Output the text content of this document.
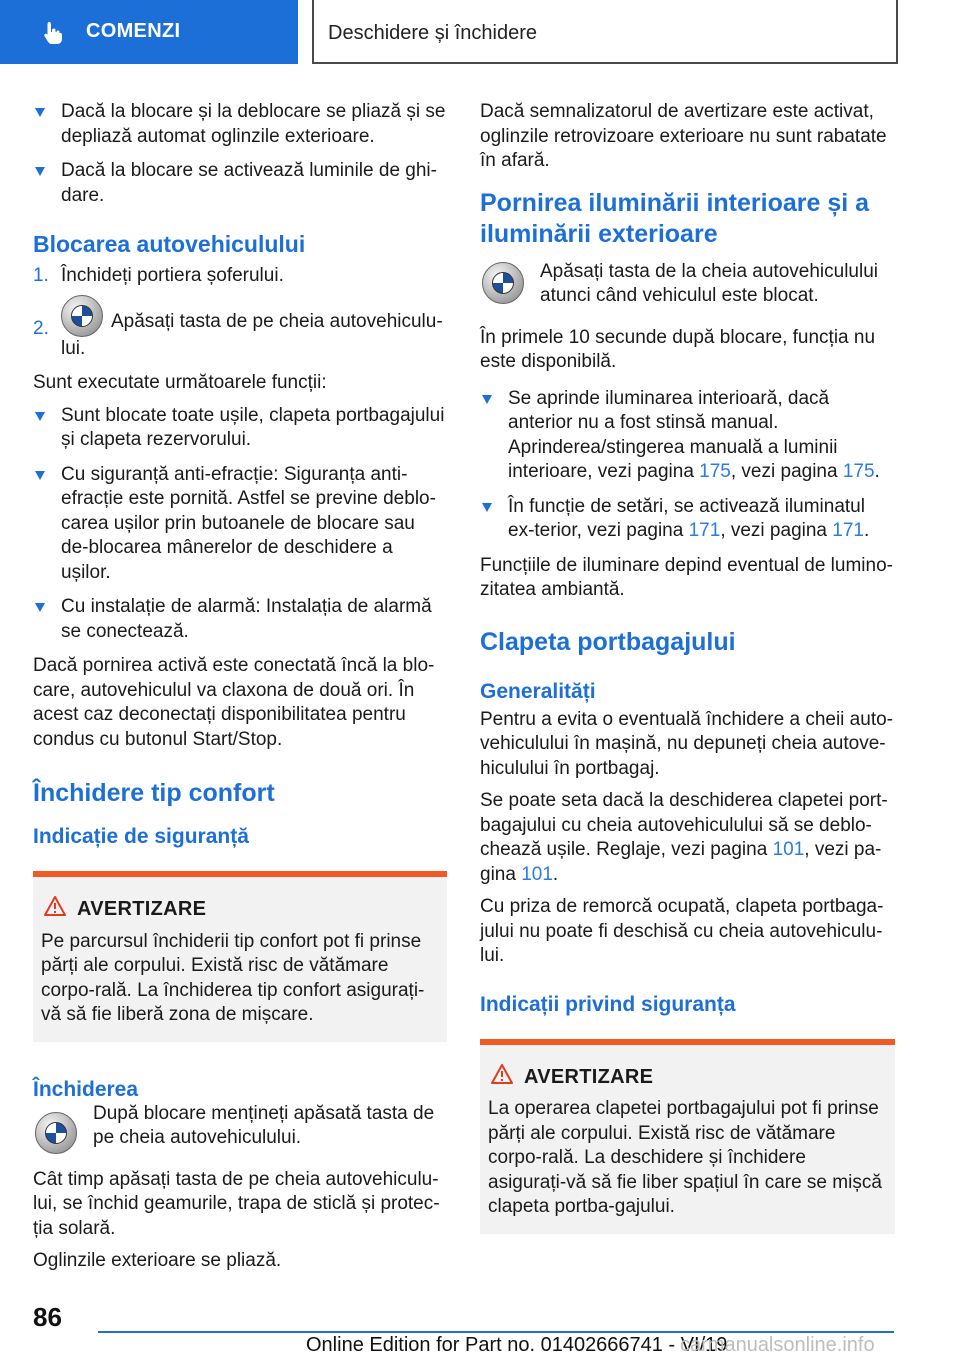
COMENZI	Deschidere și închidere
Dacă la blocare și la deblocare se pliază și se depliază automat oglinzile exterioare.
Dacă la blocare se activează luminile de ghi-dare.
Blocarea autovehiculului
1. Închideți portiera șoferului.
2.	Apăsați tasta de pe cheia autovehiculu-lui.

Sunt executate următoarele funcții:

Sunt blocate toate ușile, clapeta portbagajului și clapeta rezervorului.
Cu siguranță anti-efracție: Siguranța anti-efracție este pornită. Astfel se previne deblo-carea ușilor prin butoanele de blocare sau de-blocarea mânerelor de deschidere a ușilor.
Cu instalație de alarmă: Instalația de alarmă se conectează.

Dacă pornirea activă este conectată încă la blo-care, autovehiculul va claxona de două ori. În acest caz deconectați disponibilitatea pentru condus cu butonul Start/Stop.

Închidere tip confort
Indicație de siguranță
AVERTIZARE
Pe parcursul închiderii tip confort pot fi prinse părți ale corpului. Există risc de vătămare corpo-rală. La închiderea tip confort asigurați-vă să fie liberă zona de mișcare.
Închiderea
După blocare mențineți apăsată tasta de pe cheia autovehiculului.

Cât timp apăsați tasta de pe cheia autovehiculu-lui, se închid geamurile, trapa de sticlă și protec-ția solară.

Oglinzile exterioare se pliază.

Dacă semnalizatorul de avertizare este activat, oglinzile retrovizoare exterioare nu sunt rabatate în afară.

Pornirea iluminării interioare și a iluminării exterioare
Apăsați tasta de la cheia autovehiculului atunci când vehiculul este blocat.

În primele 10 secunde după blocare, funcția nu este disponibilă.

Se aprinde iluminarea interioară, dacă anterior nu a fost stinsă manual. Aprinderea/stingerea manuală a luminii interioare, vezi pagina 175, vezi pagina 175.
În funcție de setări, se activează iluminatul ex-terior, vezi pagina 171, vezi pagina 171.

Funcțiile de iluminare depind eventual de lumino-zitatea ambiantă.

Clapeta portbagajului
Generalități

Pentru a evita o eventuală închidere a cheii auto-vehiculului în mașină, nu depuneți cheia autove-hiculului în portbagaj.

Se poate seta dacă la deschiderea clapetei port-bagajului cu cheia autovehiculului să se deblo-chează ușile. Reglaje, vezi pagina 101, vezi pa-gina 101.

Cu priza de remorcă ocupată, clapeta portbaga-jului nu poate fi deschisă cu cheia autovehiculu-lui.

Indicații privind siguranța
AVERTIZARE
La operarea clapetei portbagajului pot fi prinse părți ale corpului. Există risc de vătămare corpo-rală. La deschidere și închidere asigurați-vă să fie liber spațiul în care se mișcă clapeta portba-gajului.
86
Online Edition for Part no. 01402666741 - VI/19
carmanualsonline.info
